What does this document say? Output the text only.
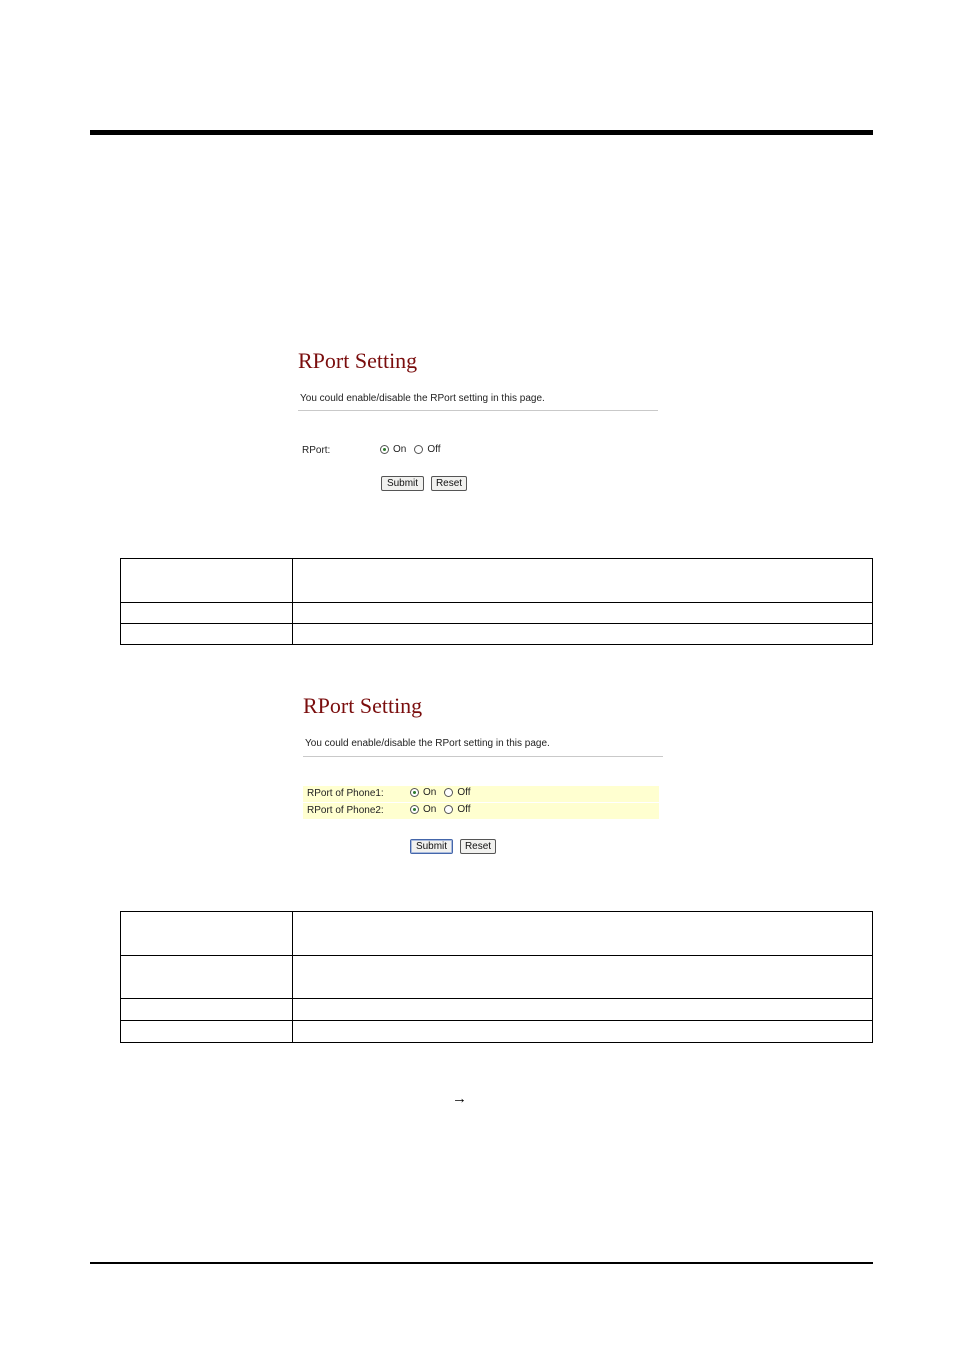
RPort Setting
You could enable/disable the RPort setting in this page.
RPort:	On Off
Submit	Reset

RPort Setting
You could enable/disable the RPort setting in this page.
RPort of Phone1:	On Off
RPort of Phone2:	On Off
Submit	Reset

→
